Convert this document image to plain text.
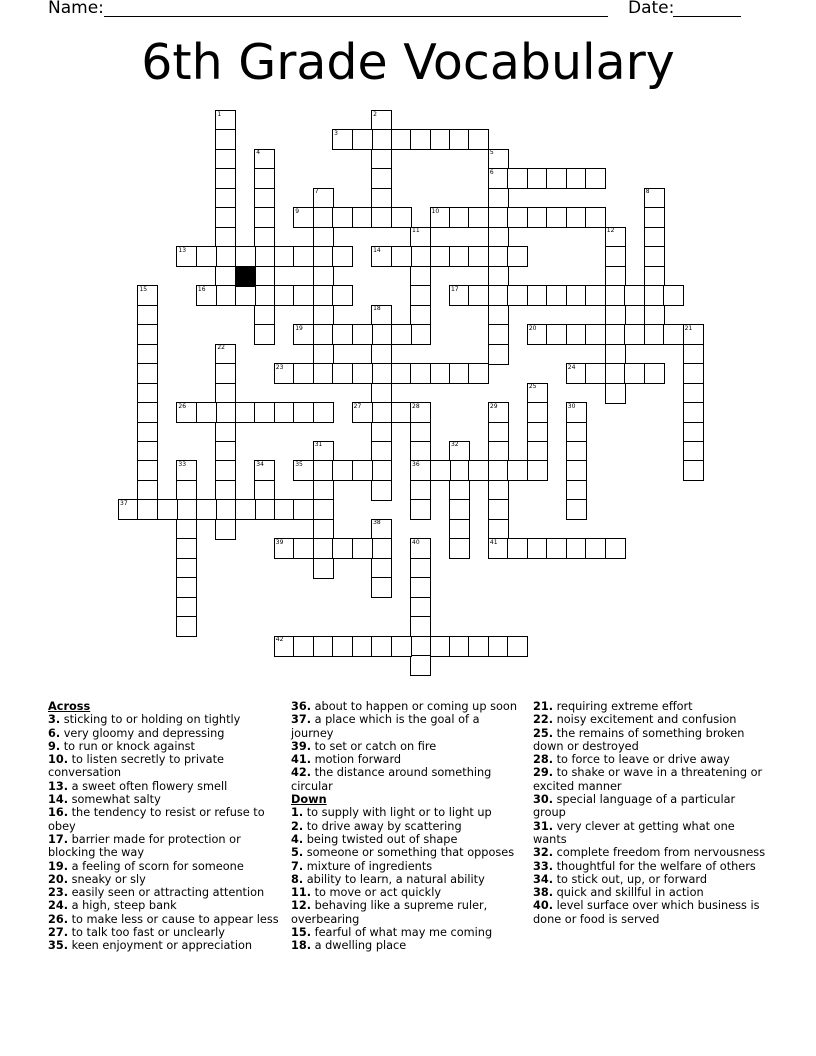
Name:	Date:
6th Grade Vocabulary
1	2
3
4	5
6
7	8
9	10
11	12
13	14
15	16	17
18
19	20	21
22
23	24
25
26	27	28	29	30
31	32
33	34	35	36
37
38
39	40	41
42

Across

3. sticking to or holding on tightly

6. very gloomy and depressing

9. to run or knock against

10. to listen secretly to private conversation

13. a sweet often flowery smell

14. somewhat salty

16. the tendency to resist or refuse to obey

17. barrier made for protection or blocking the way

19. a feeling of scorn for someone

20. sneaky or sly

23. easily seen or attracting attention

24. a high, steep bank

26. to make less or cause to appear less

27. to talk too fast or unclearly

35. keen enjoyment or appreciation

36. about to happen or coming up soon

37. a place which is the goal of a journey

39. to set or catch on fire

41. motion forward

42. the distance around something circular

Down

1. to supply with light or to light up

2. to drive away by scattering

4. being twisted out of shape

5. someone or something that opposes

7. mixture of ingredients

8. ability to learn, a natural ability

11. to move or act quickly

12. behaving like a supreme ruler, overbearing

15. fearful of what may me coming

18. a dwelling place

21. requiring extreme effort

22. noisy excitement and confusion

25. the remains of something broken down or destroyed

28. to force to leave or drive away

29. to shake or wave in a threatening or excited manner

30. special language of a particular group

31. very clever at getting what one wants

32. complete freedom from nervousness

33. thoughtful for the welfare of others

34. to stick out, up, or forward

38. quick and skillful in action

40. level surface over which business is done or food is served
